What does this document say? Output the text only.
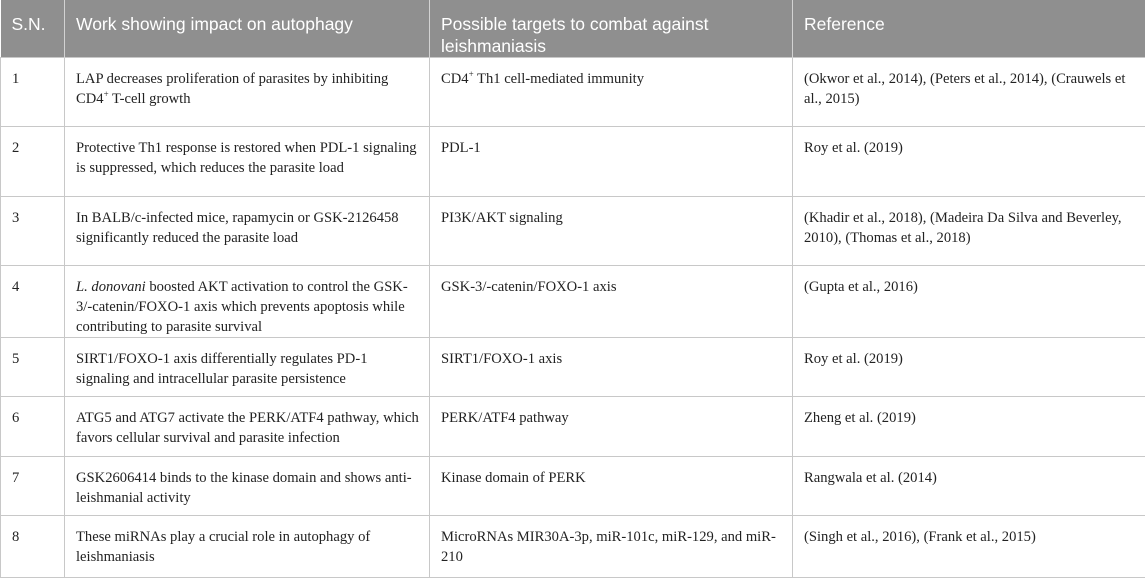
S.N.	Work showing impact on autophagy	Possible targets to combat against leishmaniasis	Reference
1	LAP decreases proliferation of parasites by inhibiting CD4+ T-cell growth	CD4+ Th1 cell-mediated immunity	(Okwor et al., 2014), (Peters et al., 2014), (Crauwels et al., 2015)
2	Protective Th1 response is restored when PDL-1 signaling is suppressed, which reduces the parasite load	PDL-1	Roy et al. (2019)
3	In BALB/c-infected mice, rapamycin or GSK-2126458 significantly reduced the parasite load	PI3K/AKT signaling	(Khadir et al., 2018), (Madeira Da Silva and Beverley, 2010), (Thomas et al., 2018)
4	L. donovani boosted AKT activation to control the GSK-3/-catenin/FOXO-1 axis which prevents apoptosis while contributing to parasite survival	GSK-3/-catenin/FOXO-1 axis	(Gupta et al., 2016)
5	SIRT1/FOXO-1 axis differentially regulates PD-1 signaling and intracellular parasite persistence	SIRT1/FOXO-1 axis	Roy et al. (2019)
6	ATG5 and ATG7 activate the PERK/ATF4 pathway, which favors cellular survival and parasite infection	PERK/ATF4 pathway	Zheng et al. (2019)
7	GSK2606414 binds to the kinase domain and shows anti-leishmanial activity	Kinase domain of PERK	Rangwala et al. (2014)
8	These miRNAs play a crucial role in autophagy of leishmaniasis	MicroRNAs MIR30A-3p, miR-101c, miR-129, and miR-210	(Singh et al., 2016), (Frank et al., 2015)
